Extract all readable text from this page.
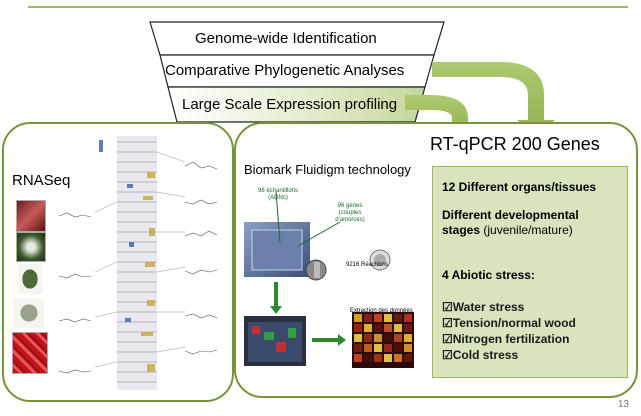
Genome-wide Identification
Comparative Phylogenetic Analyses
Large Scale Expression profiling
RNASeq
Biomark Fluidigm technology
96 échantillons (ADNc)
96 gènes (couples d'amorces)
9216 Réactions
Extraction des données
RT-qPCR 200 Genes
12 Different organs/tissues
Different developmental
stages (juvenile/mature)
4 Abiotic stress:
☑Water stress
☑Tension/normal wood
☑Nitrogen fertilization
☑Cold stress
13
